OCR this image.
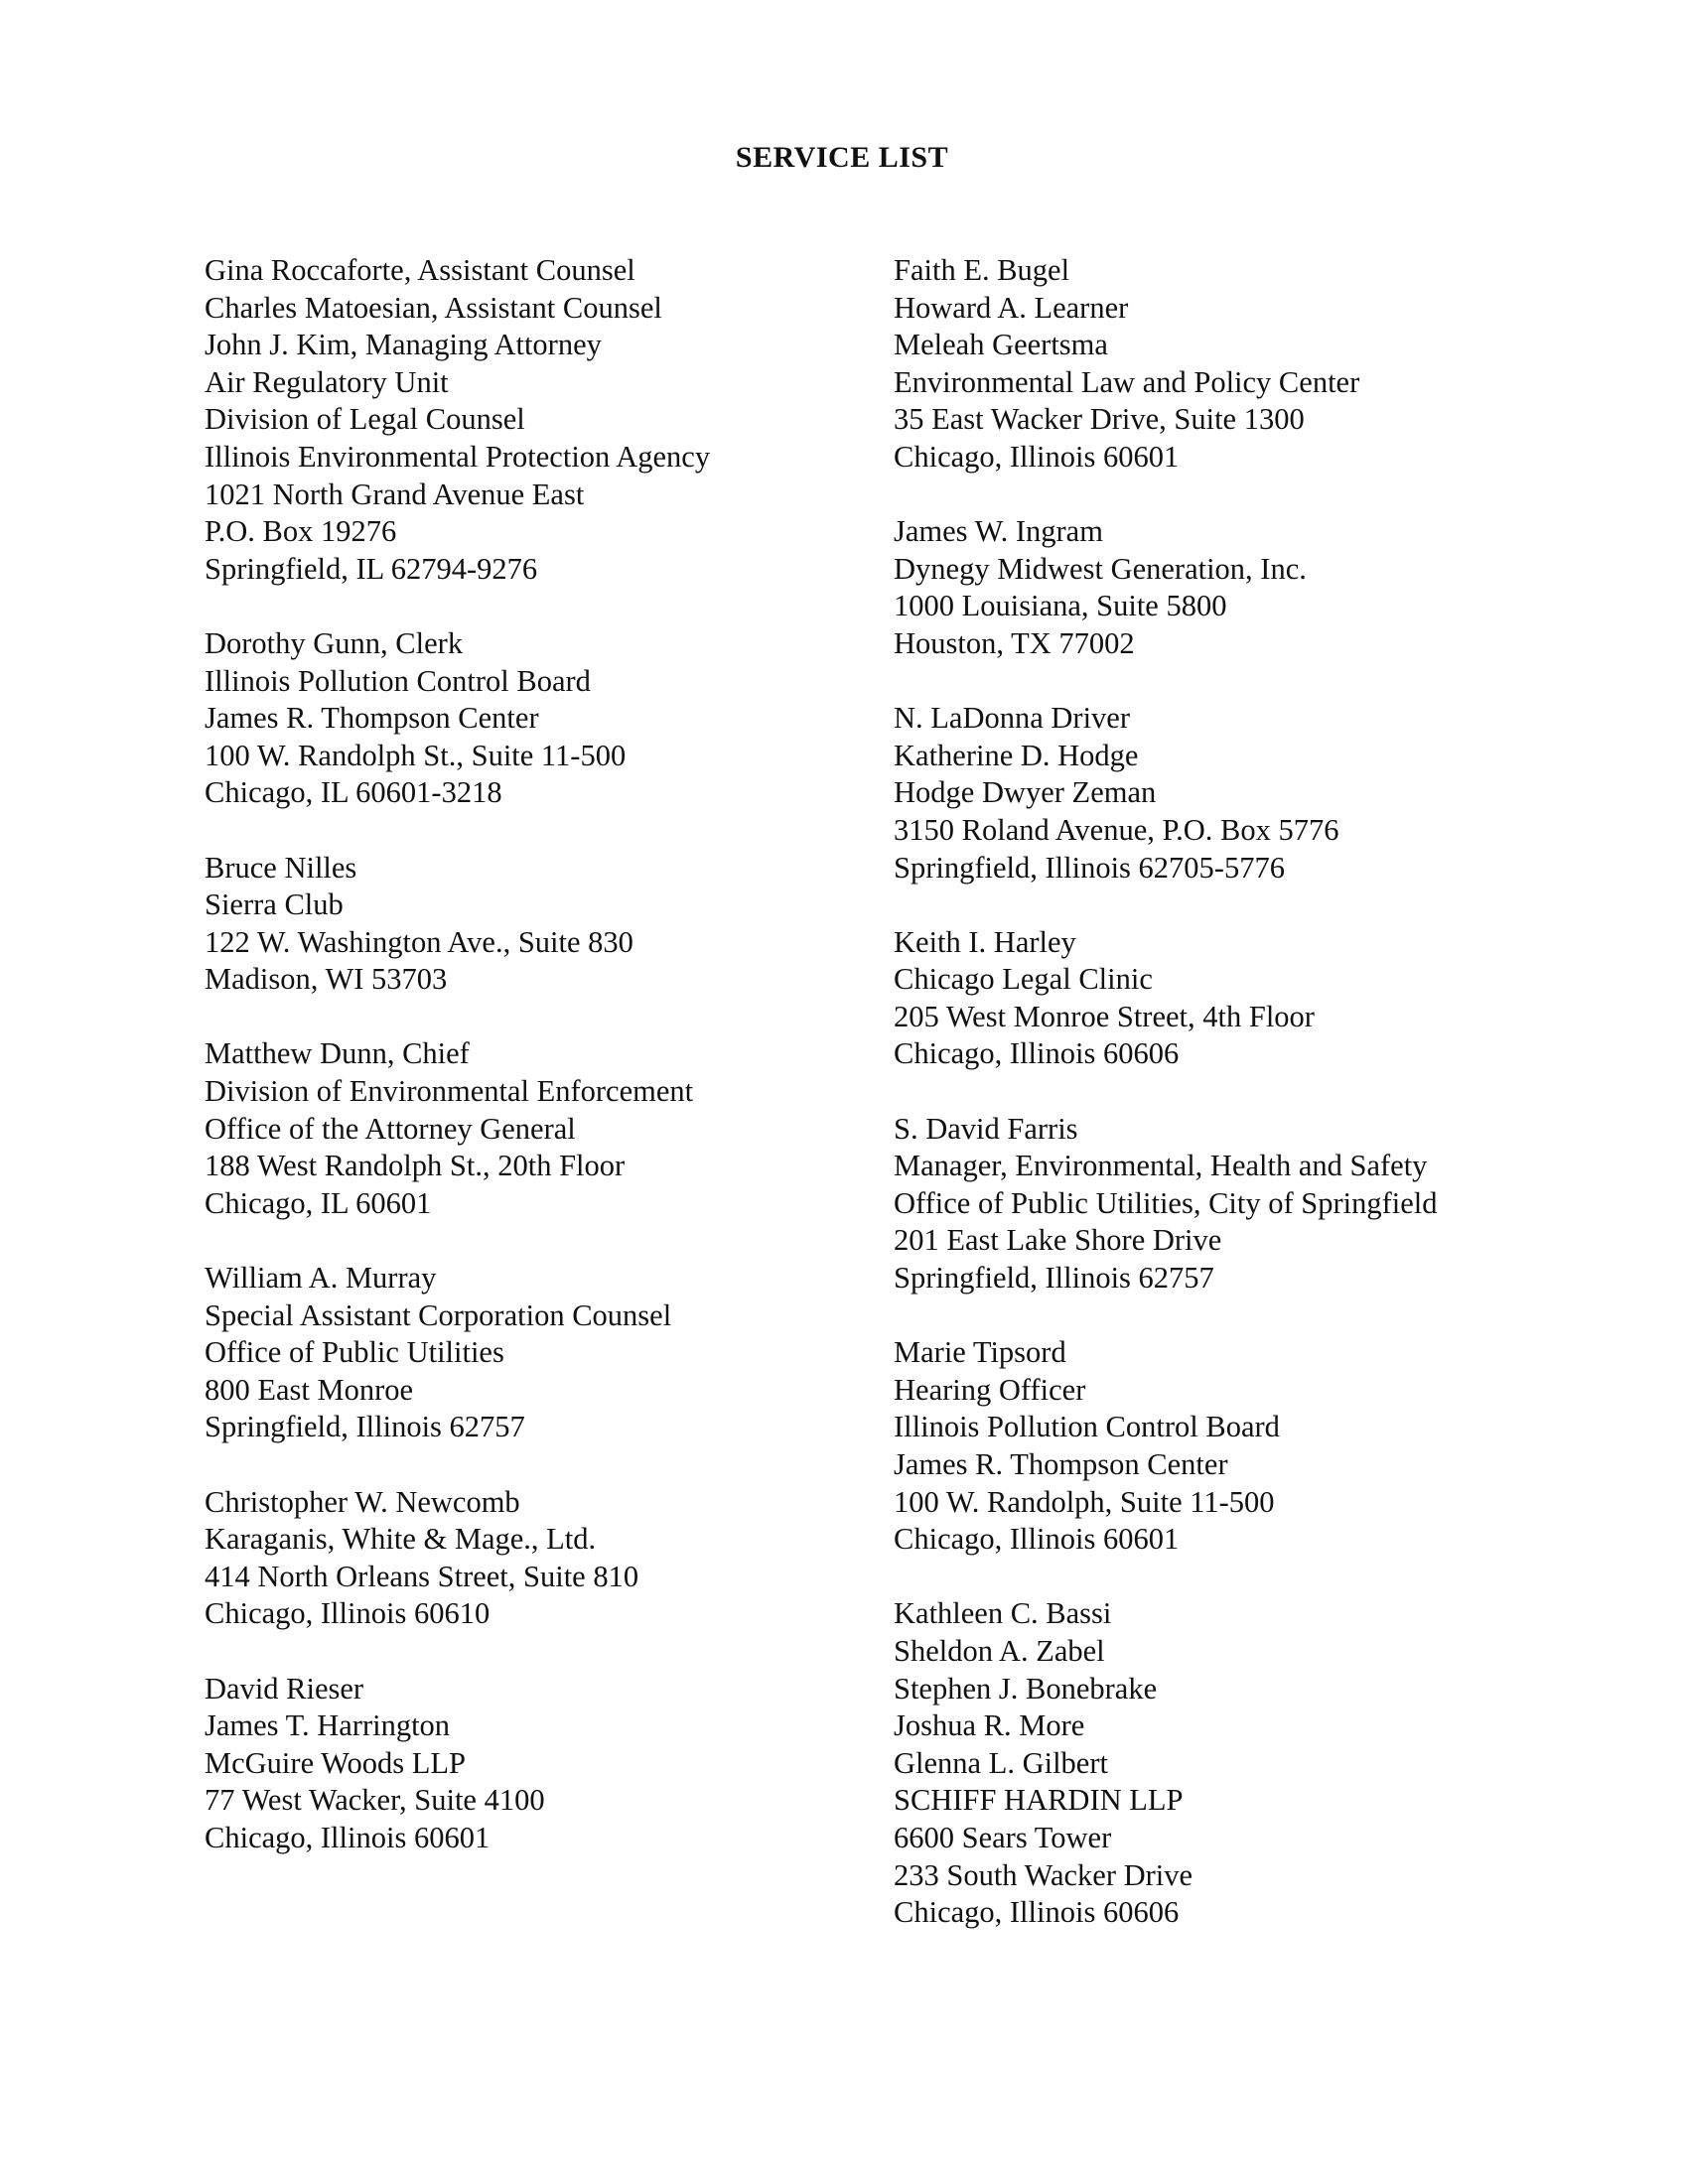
SERVICE LIST
Gina Roccaforte, Assistant Counsel
Charles Matoesian, Assistant Counsel
John J. Kim, Managing Attorney
Air Regulatory Unit
Division of Legal Counsel
Illinois Environmental Protection Agency
1021 North Grand Avenue East
P.O. Box 19276
Springfield, IL 62794-9276
Dorothy Gunn, Clerk
Illinois Pollution Control Board
James R. Thompson Center
100 W. Randolph St., Suite 11-500
Chicago, IL 60601-3218
Bruce Nilles
Sierra Club
122 W. Washington Ave., Suite 830
Madison, WI 53703
Matthew Dunn, Chief
Division of Environmental Enforcement
Office of the Attorney General
188 West Randolph St., 20th Floor
Chicago, IL 60601
William A. Murray
Special Assistant Corporation Counsel
Office of Public Utilities
800 East Monroe
Springfield, Illinois 62757
Christopher W. Newcomb
Karaganis, White & Mage., Ltd.
414 North Orleans Street, Suite 810
Chicago, Illinois 60610
David Rieser
James T. Harrington
McGuire Woods LLP
77 West Wacker, Suite 4100
Chicago, Illinois 60601
Faith E. Bugel
Howard A. Learner
Meleah Geertsma
Environmental Law and Policy Center
35 East Wacker Drive, Suite 1300
Chicago, Illinois 60601
James W. Ingram
Dynegy Midwest Generation, Inc.
1000 Louisiana, Suite 5800
Houston, TX 77002
N. LaDonna Driver
Katherine D. Hodge
Hodge Dwyer Zeman
3150 Roland Avenue, P.O. Box 5776
Springfield, Illinois 62705-5776
Keith I. Harley
Chicago Legal Clinic
205 West Monroe Street, 4th Floor
Chicago, Illinois 60606
S. David Farris
Manager, Environmental, Health and Safety
Office of Public Utilities, City of Springfield
201 East Lake Shore Drive
Springfield, Illinois 62757
Marie Tipsord
Hearing Officer
Illinois Pollution Control Board
James R. Thompson Center
100 W. Randolph, Suite 11-500
Chicago, Illinois 60601
Kathleen C. Bassi
Sheldon A. Zabel
Stephen J. Bonebrake
Joshua R. More
Glenna L. Gilbert
SCHIFF HARDIN LLP
6600 Sears Tower
233 South Wacker Drive
Chicago, Illinois 60606
